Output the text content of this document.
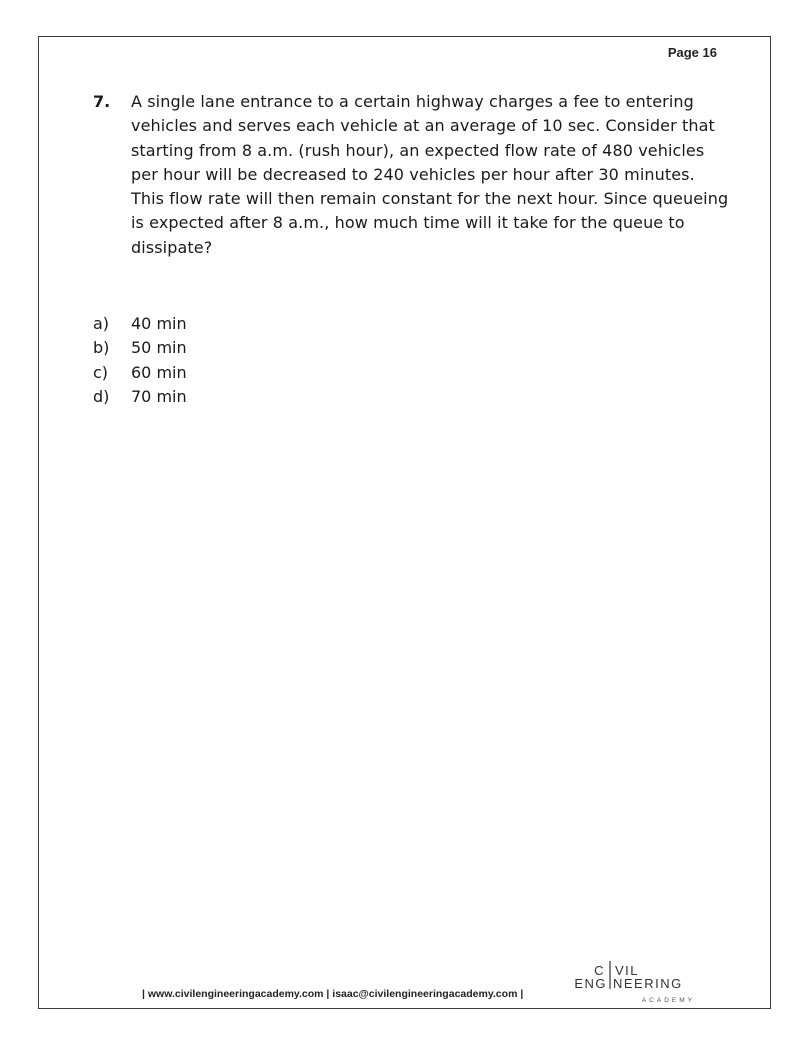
Page 16
7.	A single lane entrance to a certain highway charges a fee to entering vehicles and serves each vehicle at an average of 10 sec. Consider that starting from 8 a.m. (rush hour), an expected flow rate of 480 vehicles per hour will be decreased to 240 vehicles per hour after 30 minutes. This flow rate will then remain constant for the next hour. Since queueing is expected after 8 a.m., how much time will it take for the queue to dissipate?

a)	40 min
b)	50 min
c)	60 min
d)	70 min
| www.civilengineeringacademy.com | isaac@civilengineeringacademy.com |
C VIL
ENG NEERING
ACADEMY
